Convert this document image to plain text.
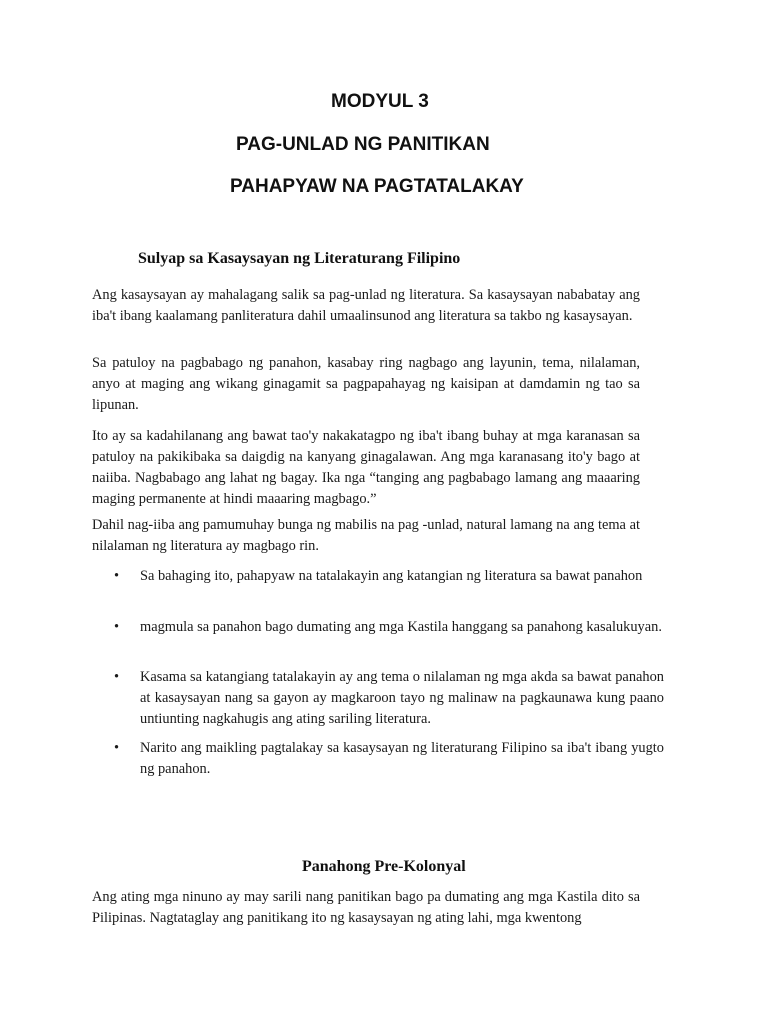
MODYUL 3
PAG-UNLAD NG PANITIKAN
PAHAPYAW NA PAGTATALAKAY
Sulyap sa Kasaysayan ng Literaturang Filipino

Ang kasaysayan ay mahalagang salik sa pag-unlad ng literatura. Sa kasaysayan nababatay ang iba't ibang kaalamang panliteratura dahil umaalinsunod ang literatura sa takbo ng kasaysayan.

Sa patuloy na pagbabago ng panahon, kasabay ring nagbago ang layunin, tema, nilalaman, anyo at maging ang wikang ginagamit sa pagpapahayag ng kaisipan at damdamin ng tao sa lipunan.

Ito ay sa kadahilanang ang bawat tao'y nakakatagpo ng iba't ibang buhay at mga karanasan sa patuloy na pakikibaka sa daigdig na kanyang ginagalawan. Ang mga karanasang ito'y bago at naiiba. Nagbabago ang lahat ng bagay. Ika nga “tanging ang pagbabago lamang ang maaaring maging permanente at hindi maaaring magbago.”

Dahil nag-iiba ang pamumuhay bunga ng mabilis na pag -unlad, natural lamang na ang tema at nilalaman ng literatura ay magbago rin.

•	Sa bahaging ito, pahapyaw na tatalakayin ang katangian ng literatura sa bawat panahon
•	magmula sa panahon bago dumating ang mga Kastila hanggang sa panahong kasalukuyan.
•	Kasama sa katangiang tatalakayin ay ang tema o nilalaman ng mga akda sa bawat panahon at kasaysayan nang sa gayon ay magkaroon tayo ng malinaw na pagkaunawa kung paano untiunting nagkahugis ang ating sariling literatura.
•	Narito ang maikling pagtalakay sa kasaysayan ng literaturang Filipino sa iba't ibang yugto ng panahon.
Panahong Pre-Kolonyal

Ang ating mga ninuno ay may sarili nang panitikan bago pa dumating ang mga Kastila dito sa Pilipinas. Nagtataglay ang panitikang ito ng kasaysayan ng ating lahi, mga kwentong
